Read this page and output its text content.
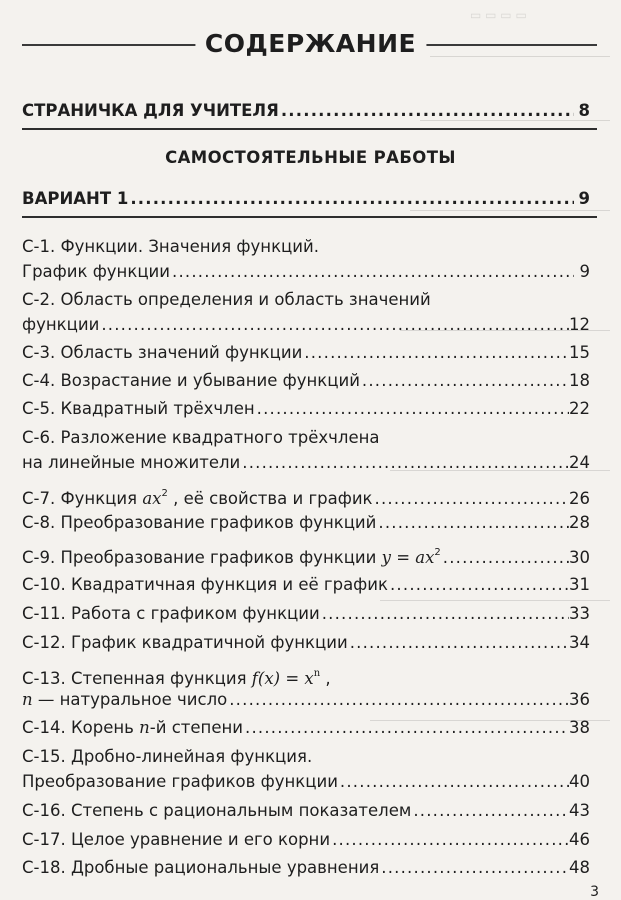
▭ ▭ ▭ ▭
СОДЕРЖАНИЕ
СТРАНИЧКА ДЛЯ УЧИТЕЛЯ .....	8
САМОСТОЯТЕЛЬНЫЕ РАБОТЫ
ВАРИАНТ 1 .....	9
С-1. Функции. Значения функций.
График функции .....	9
С-2. Область определения и область значений
функции .....	12
С-3. Область значений функции .....	15
С-4. Возрастание и убывание функций .....	18
С-5. Квадратный трёхчлен .....	22
С-6. Разложение квадратного трёхчлена
на линейные множители .....	24
С-7. Функция $ax^2$ , её свойства и график .....	26
С-8. Преобразование графиков функций .....	28
С-9. Преобразование графиков функции $y = ax^2$ .....	30
С-10. Квадратичная функция и её график .....	31
С-11. Работа с графиком функции .....	33
С-12. График квадратичной функции .....	34
С-13. Степенная функция $f(x) = x^n$ ,
n — натуральное число .....	36
С-14. Корень n-й степени .....	38
С-15. Дробно-линейная функция.
Преобразование графиков функции .....	40
С-16. Степень с рациональным показателем .....	43
С-17. Целое уравнение и его корни .....	46
С-18. Дробные рациональные уравнения .....	48
3
